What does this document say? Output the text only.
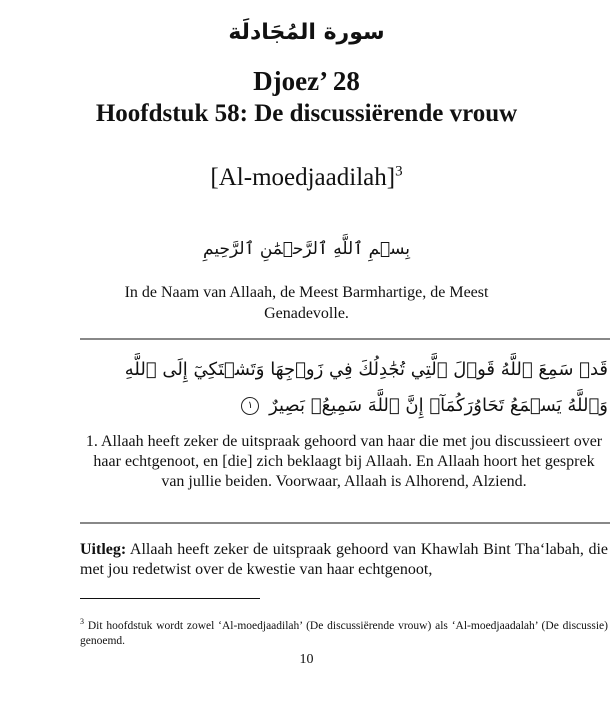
سورة المُجَادلَة
Djoez’ 28
Hoofdstuk 58: De discussiërende vrouw
[Al-moedjaadilah]$^3$
بِسۡمِ ٱللَّهِ ٱلرَّحۡمَٰنِ ٱلرَّحِيمِ
In de Naam van Allaah, de Meest Barmhartige, de Meest Genadevolle.
قَدۡ سَمِعَ ٱللَّهُ قَوۡلَ ٱلَّتِي تُجَٰدِلُكَ فِي زَوۡجِهَا وَتَشۡتَكِيٓ إِلَى ٱللَّهِ وَٱللَّهُ يَسۡمَعُ تَحَاوُرَكُمَآۚ إِنَّ ٱللَّهَ سَمِيعُۢ بَصِيرٌ ١
1. Allaah heeft zeker de uitspraak gehoord van haar die met jou discussieert over haar echtgenoot, en [die] zich beklaagt bij Allaah. En Allaah hoort het gesprek van jullie beiden. Voorwaar, Allaah is Alhorend, Alziend.
Uitleg: Allaah heeft zeker de uitspraak gehoord van Khawlah Bint Tha‘labah, die met jou redetwist over de kwestie van haar echtgenoot,
$^3$ Dit hoofdstuk wordt zowel ‘Al-moedjaadilah’ (De discussiërende vrouw) als ‘Al-moedjaadalah’ (De discussie) genoemd.
10
